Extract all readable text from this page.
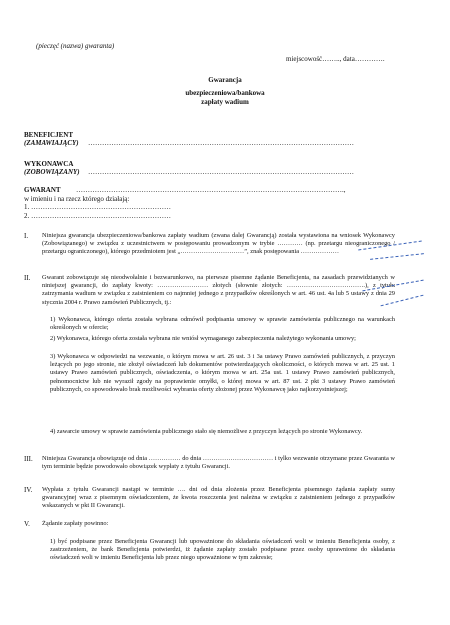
(pieczęć (nazwa) gwaranta)
miejscowość…….., data………….
Gwarancja
ubezpieczeniowa/bankowa
zapłaty wadium
BENEFICJENT
(ZAMAWIAJĄCY) ……………………………………………………………………………………………………
WYKONAWCA
(ZOBOWIĄZANY) ……………………………………………………………………………………………………
GWARANT …………………………………………………………………………………………………….,
w imieniu i na rzecz którego działają:
1. ……………………………………………………
2. ……………………………………………………
I. Niniejsza gwarancja ubezpieczeniowa/bankowa zapłaty wadium (zwana dalej Gwarancją) została wystawiona na wniosek Wykonawcy (Zobowiązanego) w związku z uczestnictwem w postępowaniu prowadzonym w trybie ………… (np. przetargu nieograniczonego / przetargu ograniczonego), którego przedmiotem jest „…………………………”, znak postępowania ………………
II. Gwarant zobowiązuje się nieodwołalnie i bezwarunkowo, na pierwsze pisemne żądanie Beneficjenta, na zasadach przewidzianych w niniejszej gwarancji, do zapłaty kwoty: …………………… złotych (słownie złotych: ……………………………….), z tytułu zatrzymania wadium w związku z zaistnieniem co najmniej jednego z przypadków określonych w art. 46 ust. 4a lub 5 ustawy z dnia 29 stycznia 2004 r. Prawo zamówień Publicznych, tj.:
1) Wykonawca, którego oferta została wybrana odmówił podpisania umowy w sprawie zamówienia publicznego na warunkach określonych w ofercie;
2) Wykonawca, którego oferta została wybrana nie wniósł wymaganego zabezpieczenia należytego wykonania umowy;
3) Wykonawca w odpowiedzi na wezwanie, o którym mowa w art. 26 ust. 3 i 3a ustawy Prawo zamówień publicznych, z przyczyn leżących po jego stronie, nie złożył oświadczeń lub dokumentów potwierdzających okoliczności, o których mowa w art. 25 ust. 1 ustawy Prawo zamówień publicznych, oświadczenia, o którym mowa w art. 25a ust. 1 ustawy Prawo zamówień publicznych, pełnomocnictw lub nie wyraził zgody na poprawienie omyłki, o której mowa w art. 87 ust. 2 pkt 3 ustawy Prawo zamówień publicznych, co spowodowało brak możliwości wybrania oferty złożonej przez Wykonawcę jako najkorzystniejszej;
4) zawarcie umowy w sprawie zamówienia publicznego stało się niemożliwe z przyczyn leżących po stronie Wykonawcy.
III. Niniejsza Gwarancja obowiązuje od dnia …………… do dnia …………………………… i tylko wezwanie otrzymane przez Gwaranta w tym terminie będzie powodowało obowiązek wypłaty z tytułu Gwarancji.
IV. Wypłata z tytułu Gwarancji nastąpi w terminie …. dni od dnia złożenia przez Beneficjenta pisemnego żądania zapłaty sumy gwarancyjnej wraz z pisemnym oświadczeniem, że kwota roszczenia jest należna w związku z zaistnieniem jednego z przypadków wskazanych w pkt II Gwarancji.
V. Żądanie zapłaty powinno:
1) być podpisane przez Beneficjenta Gwarancji lub upoważnione do składania oświadczeń woli w imieniu Beneficjenta osoby, z zastrzeżeniem, że bank Beneficjenta potwierdzi, iż żądanie zapłaty zostało podpisane przez osoby uprawnione do składania oświadczeń woli w imieniu Beneficjenta lub przez niego upoważnione w tym zakresie;
